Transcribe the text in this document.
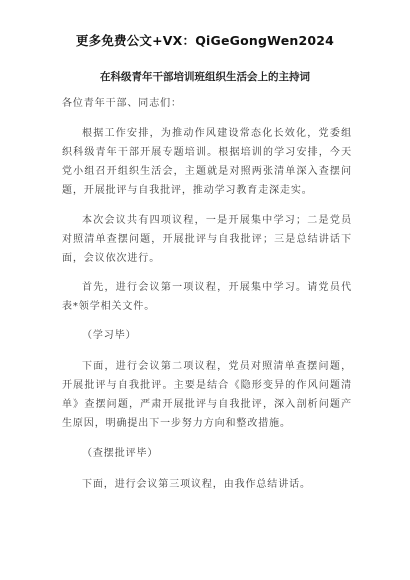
更多免费公文+VX：QiGeGongWen2024
在科级青年干部培训班组织生活会上的主持词
各位青年干部、同志们：
根据工作安排，为推动作风建设常态化长效化，党委组织科级青年干部开展专题培训。根据培训的学习安排，今天党小组召开组织生活会，主题就是对照两张清单深入查摆问题，开展批评与自我批评，推动学习教育走深走实。
本次会议共有四项议程，一是开展集中学习；二是党员对照清单查摆问题，开展批评与自我批评；三是总结讲话下面，会议依次进行。
首先，进行会议第一项议程，开展集中学习。请党员代表*领学相关文件。
（学习毕）
下面，进行会议第二项议程，党员对照清单查摆问题，开展批评与自我批评。主要是结合《隐形变异的作风问题清单》查摆问题，严肃开展批评与自我批评，深入剖析问题产生原因，明确提出下一步努力方向和整改措施。
（查摆批评毕）
下面，进行会议第三项议程，由我作总结讲话。
